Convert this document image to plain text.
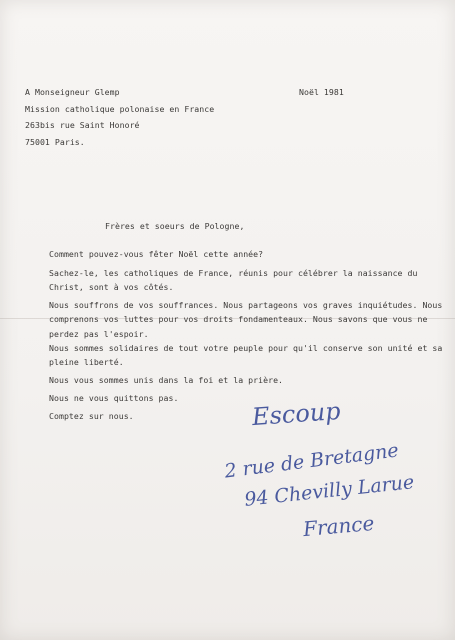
Noël 1981
A Monseigneur Glemp
Mission catholique polonaise en France
263bis rue Saint Honoré
75001 Paris.
Frères et soeurs de Pologne,
Comment pouvez-vous fêter Noël cette année?
Sachez-le, les catholiques de France, réunis pour célébrer la naissance du
Christ, sont à vos côtés.
Nous souffrons de vos souffrances. Nous partageons vos graves inquiétudes. Nous
comprenons vos luttes pour vos droits fondamenteaux. Nous savons que vous ne
perdez pas l'espoir.
Nous sommes solidaires de tout votre peuple pour qu'il conserve son unité et sa
pleine liberté.
Nous vous sommes unis dans la foi et la prière.
Nous ne vous quittons pas.
Comptez sur nous.	Escoup
2 rue de Bretagne
94 Chevilly Larue
France
